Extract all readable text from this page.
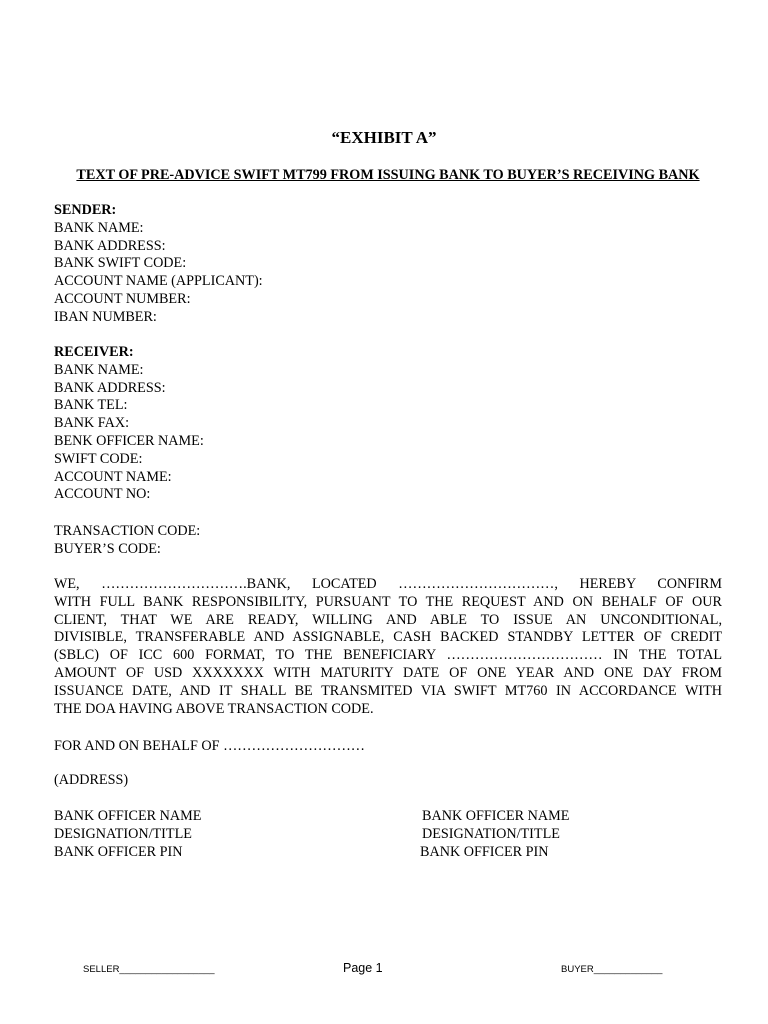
“EXHIBIT A”
TEXT OF PRE-ADVICE SWIFT MT799 FROM ISSUING BANK TO BUYER’S RECEIVING BANK
SENDER:
BANK NAME:
BANK ADDRESS:
BANK SWIFT CODE:
ACCOUNT NAME (APPLICANT):
ACCOUNT NUMBER:
IBAN NUMBER:
RECEIVER:
BANK NAME:
BANK ADDRESS:
BANK TEL:
BANK FAX:
BENK OFFICER NAME:
SWIFT CODE:
ACCOUNT NAME:
ACCOUNT NO:
TRANSACTION CODE:
BUYER’S CODE:
WE, ………………………….BANK, LOCATED ……………………………, HEREBY CONFIRM
WITH FULL BANK RESPONSIBILITY, PURSUANT TO THE REQUEST AND ON BEHALF OF OUR
CLIENT, THAT WE ARE READY, WILLING AND ABLE TO ISSUE AN UNCONDITIONAL,
DIVISIBLE, TRANSFERABLE AND ASSIGNABLE, CASH BACKED STANDBY LETTER OF CREDIT
(SBLC) OF ICC 600 FORMAT, TO THE BENEFICIARY …………………………… IN THE TOTAL
AMOUNT OF USD XXXXXXX WITH MATURITY DATE OF ONE YEAR AND ONE DAY FROM
ISSUANCE DATE, AND IT SHALL BE TRANSMITED VIA SWIFT MT760 IN ACCORDANCE WITH
THE DOA HAVING ABOVE TRANSACTION CODE.
FOR AND ON BEHALF OF …………………………
(ADDRESS)
BANK OFFICER NAME
DESIGNATION/TITLE
BANK OFFICER PIN
BANK OFFICER NAME
DESIGNATION/TITLE
BANK OFFICER PIN
SELLER__________________	Page 1	BUYER_____________
